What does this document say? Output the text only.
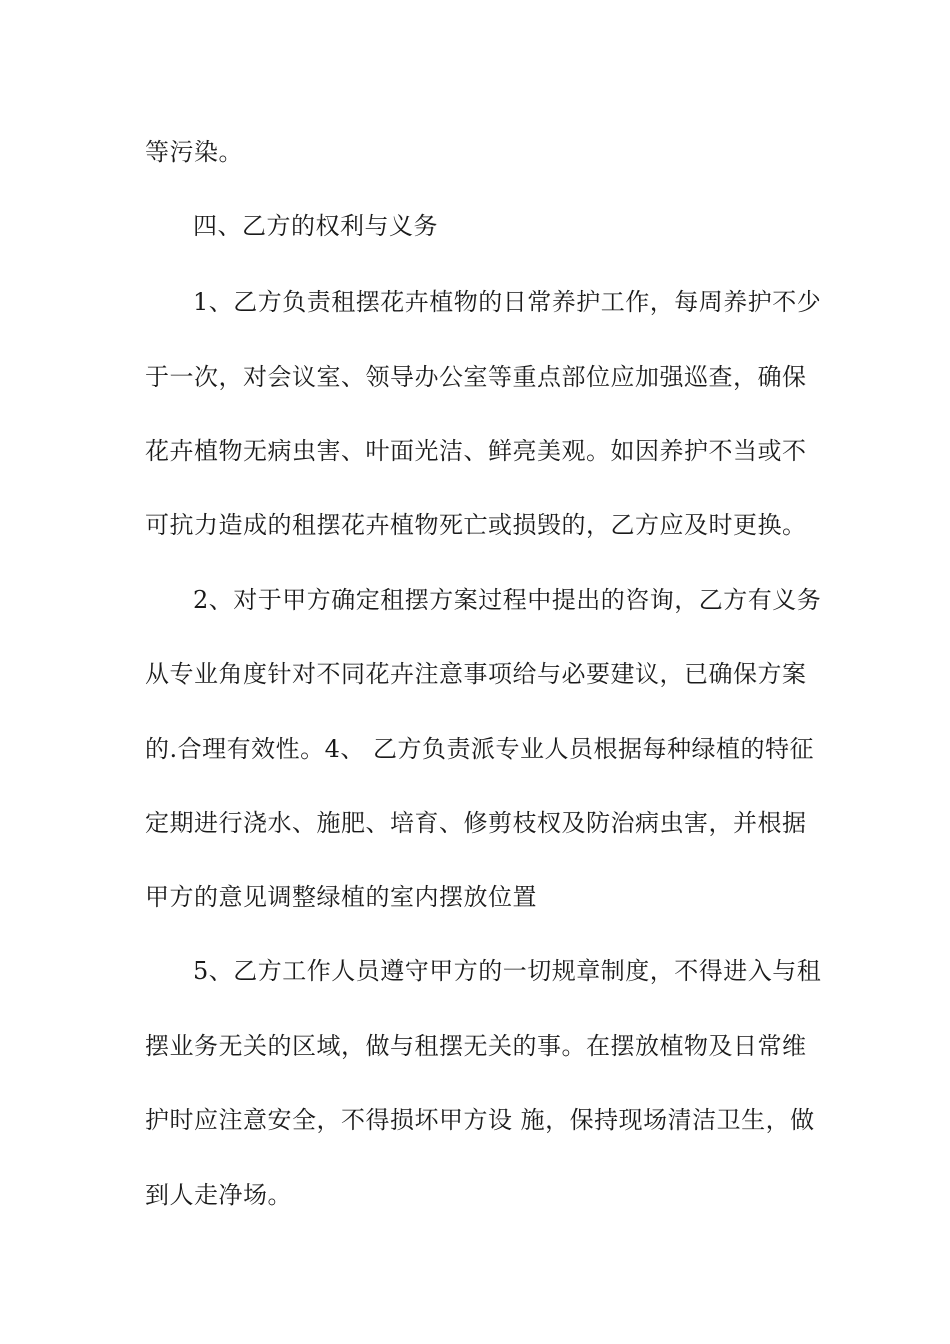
等污染。
四、乙方的权利与义务
1、乙方负责租摆花卉植物的日常养护工作，每周养护不少
于一次，对会议室、领导办公室等重点部位应加强巡查，确保
花卉植物无病虫害、叶面光洁、鲜亮美观。如因养护不当或不
可抗力造成的租摆花卉植物死亡或损毁的，乙方应及时更换。
2、对于甲方确定租摆方案过程中提出的咨询，乙方有义务
从专业角度针对不同花卉注意事项给与必要建议，已确保方案
的.合理有效性。4、 乙方负责派专业人员根据每种绿植的特征
定期进行浇水、施肥、培育、修剪枝杈及防治病虫害，并根据
甲方的意见调整绿植的室内摆放位置
5、乙方工作人员遵守甲方的一切规章制度，不得进入与租
摆业务无关的区域，做与租摆无关的事。在摆放植物及日常维
护时应注意安全，不得损坏甲方设 施，保持现场清洁卫生，做
到人走净场。
